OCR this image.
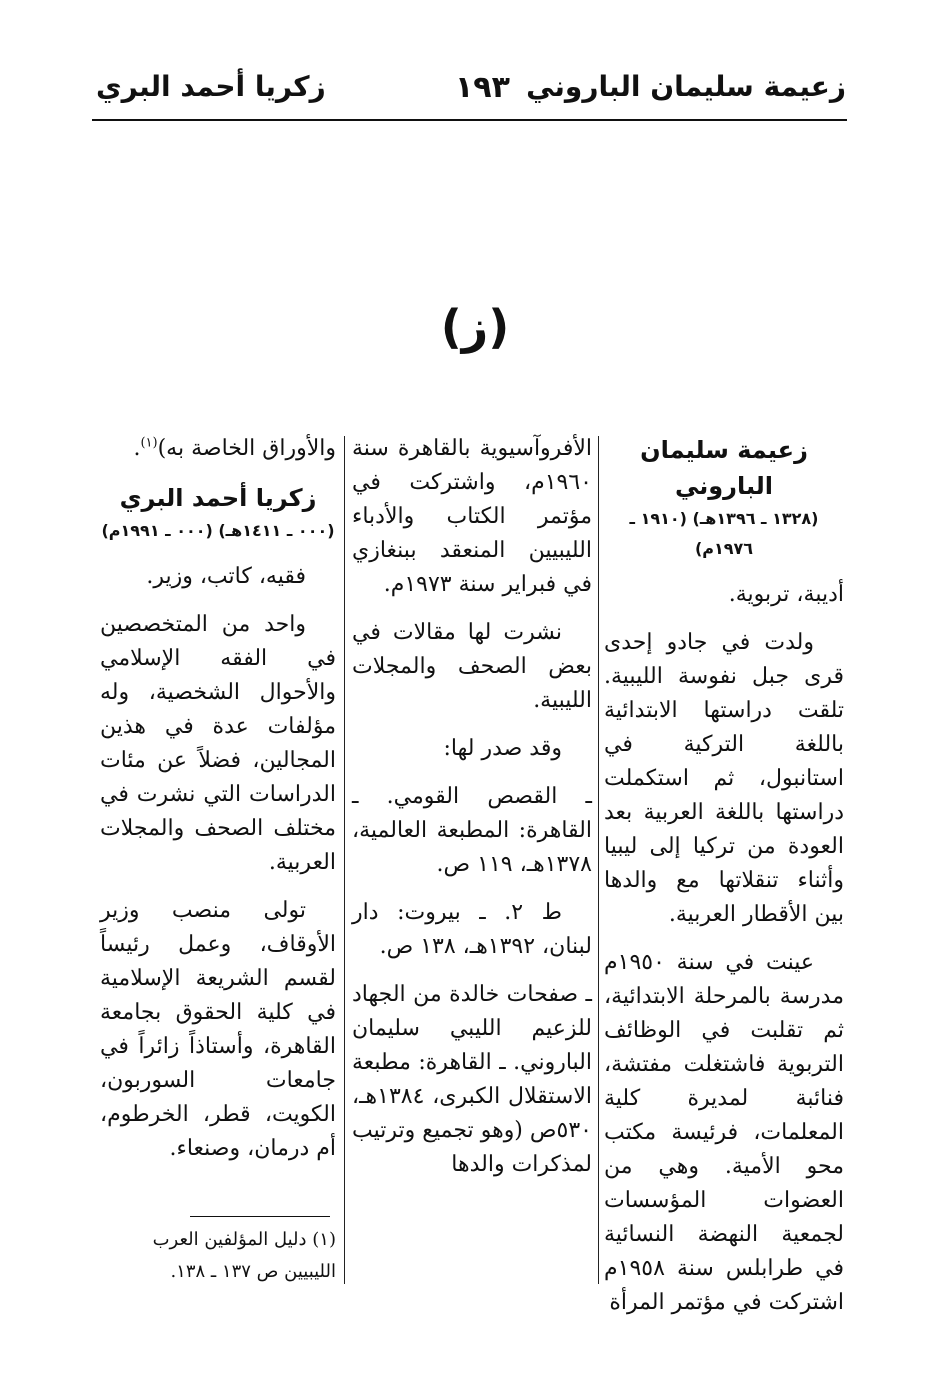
زعيمة سليمان الباروني
١٩٣
زكريا أحمد البري
(ز)

زعيمة سليمان الباروني

(١٣٢٨ ـ ١٣٩٦هـ) (١٩١٠ ـ ١٩٧٦م)

أديبة، تربوية.

ولدت في جادو إحدى قرى جبل نفوسة الليبية. تلقت دراستها الابتدائية باللغة التركية في استانبول، ثم استكملت دراستها باللغة العربية بعد العودة من تركيا إلى ليبيا وأثناء تنقلاتها مع والدها بين الأقطار العربية.

عينت في سنة ١٩٥٠م مدرسة بالمرحلة الابتدائية، ثم تقلبت في الوظائف التربوية فاشتغلت مفتشة، فنائبة لمديرة كلية المعلمات، فرئيسة مكتب محو الأمية. وهي من العضوات المؤسسات لجمعية النهضة النسائية في طرابلس سنة ١٩٥٨م اشتركت في مؤتمر المرأة

الأفروآسيوية بالقاهرة سنة ١٩٦٠م، واشتركت في مؤتمر الكتاب والأدباء الليبيين المنعقد ببنغازي في فبراير سنة ١٩٧٣م.

نشرت لها مقالات في بعض الصحف والمجلات الليبية.

وقد صدر لها:

ـ القصص القومي. ـ القاهرة: المطبعة العالمية، ١٣٧٨هـ، ١١٩ ص.

ط ٢. ـ بيروت: دار لبنان، ١٣٩٢هـ، ١٣٨ ص.

ـ صفحات خالدة من الجهاد للزعيم الليبي سليمان الباروني. ـ القاهرة: مطبعة الاستقلال الكبرى، ١٣٨٤هـ، ٥٣٠ص (وهو تجميع وترتيب لمذكرات والدها

والأوراق الخاصة به)$^{(١)}$.

زكريا أحمد البري

(٠٠٠ ـ ١٤١١هـ) (٠٠٠ ـ ١٩٩١م)

فقيه، كاتب، وزير.

واحد من المتخصصين في الفقه الإسلامي والأحوال الشخصية، وله مؤلفات عدة في هذين المجالين، فضلاً عن مئات الدراسات التي نشرت في مختلف الصحف والمجلات العربية.

تولى منصب وزير الأوقاف، وعمل رئيساً لقسم الشريعة الإسلامية في كلية الحقوق بجامعة القاهرة، وأستاذاً زائراً في جامعات السوربون، الكويت، قطر، الخرطوم، أم درمان، وصنعاء.

(١) دليل المؤلفين العرب الليبيين ص ١٣٧ ـ ١٣٨.
